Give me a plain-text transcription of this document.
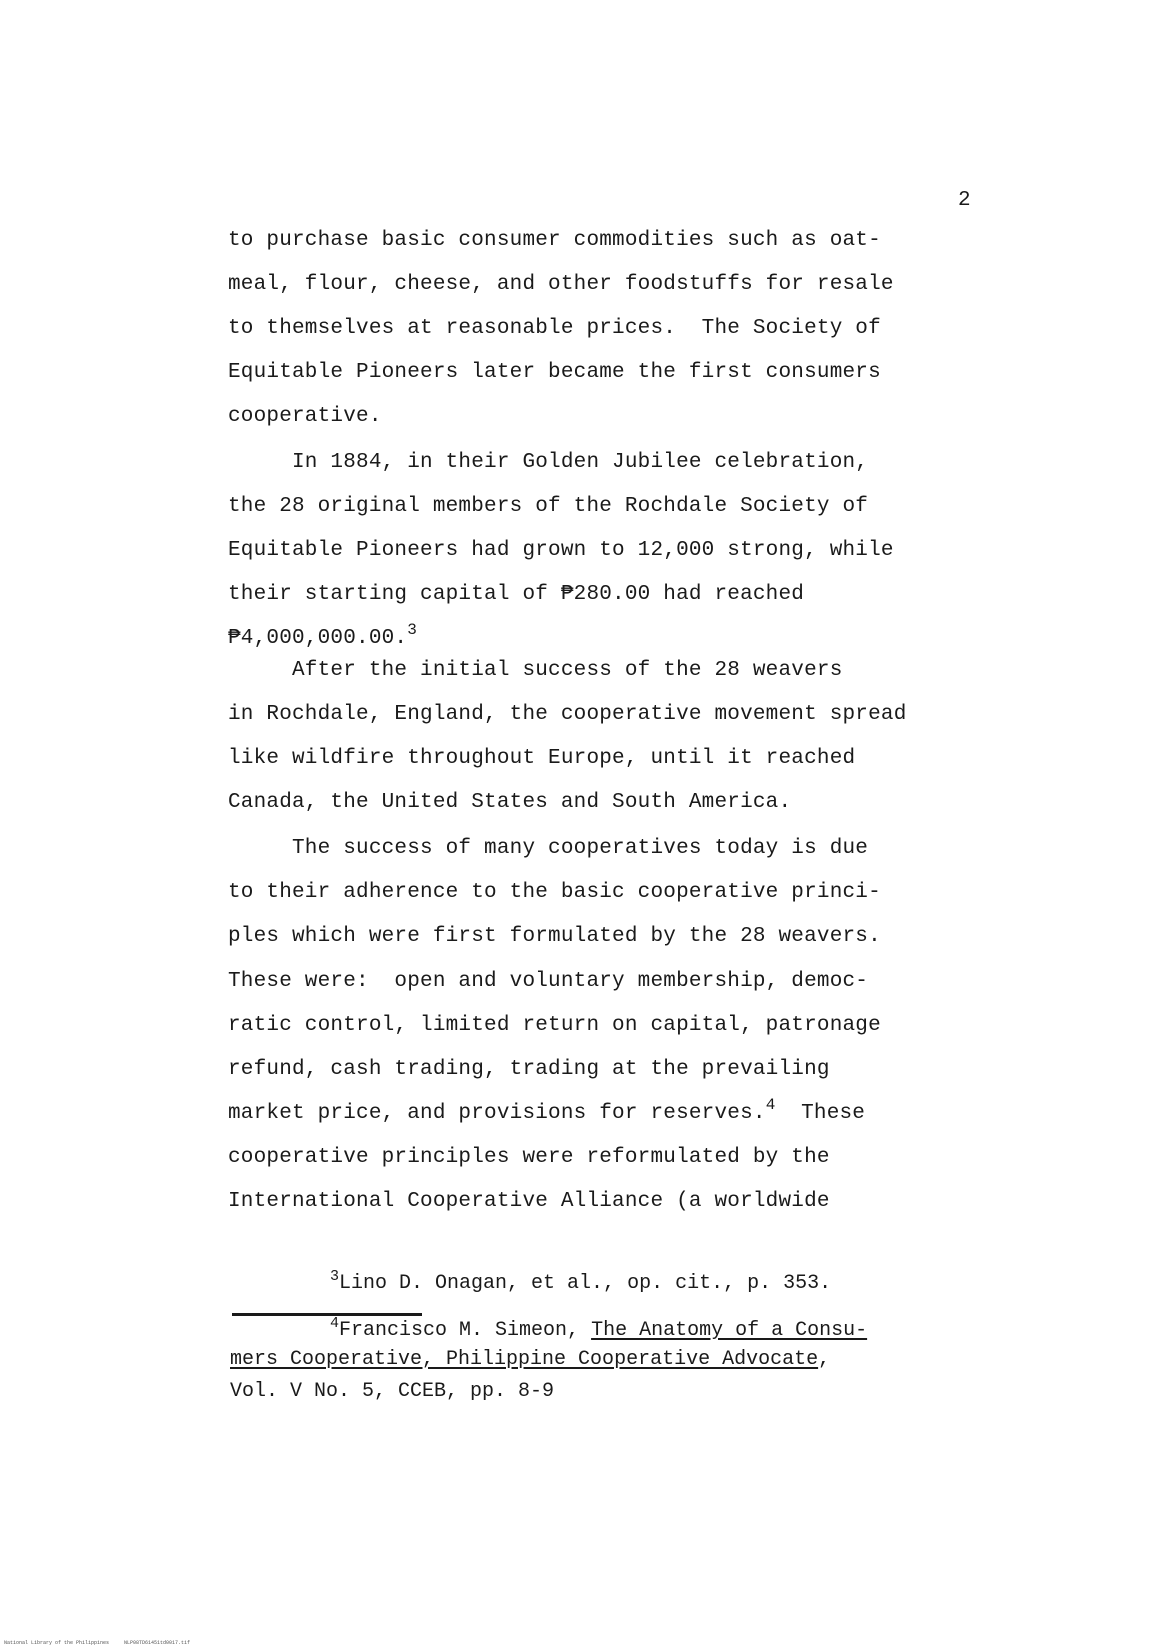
2
to purchase basic consumer commodities such as oat-
meal, flour, cheese, and other foodstuffs for resale
to themselves at reasonable prices.  The Society of
Equitable Pioneers later became the first consumers
cooperative.
In 1884, in their Golden Jubilee celebration,
the 28 original members of the Rochdale Society of
Equitable Pioneers had grown to 12,000 strong, while
their starting capital of ₱280.00 had reached
₱4,000,000.00.$^3$
After the initial success of the 28 weavers
in Rochdale, England, the cooperative movement spread
like wildfire throughout Europe, until it reached
Canada, the United States and South America.
The success of many cooperatives today is due
to their adherence to the basic cooperative princi-
ples which were first formulated by the 28 weavers.
These were:  open and voluntary membership, democ-
ratic control, limited return on capital, patronage
refund, cash trading, trading at the prevailing
market price, and provisions for reserves.$^4$  These
cooperative principles were reformulated by the
International Cooperative Alliance (a worldwide
$^3$Lino D. Onagan, et al., op. cit., p. 353.
$^4$Francisco M. Simeon, The Anatomy of a Consu-
mers Cooperative, Philippine Cooperative Advocate,
Vol. V No. 5, CCEB, pp. 8-9
National Library of the Philippines     NLP08TD61451td0017.tif
